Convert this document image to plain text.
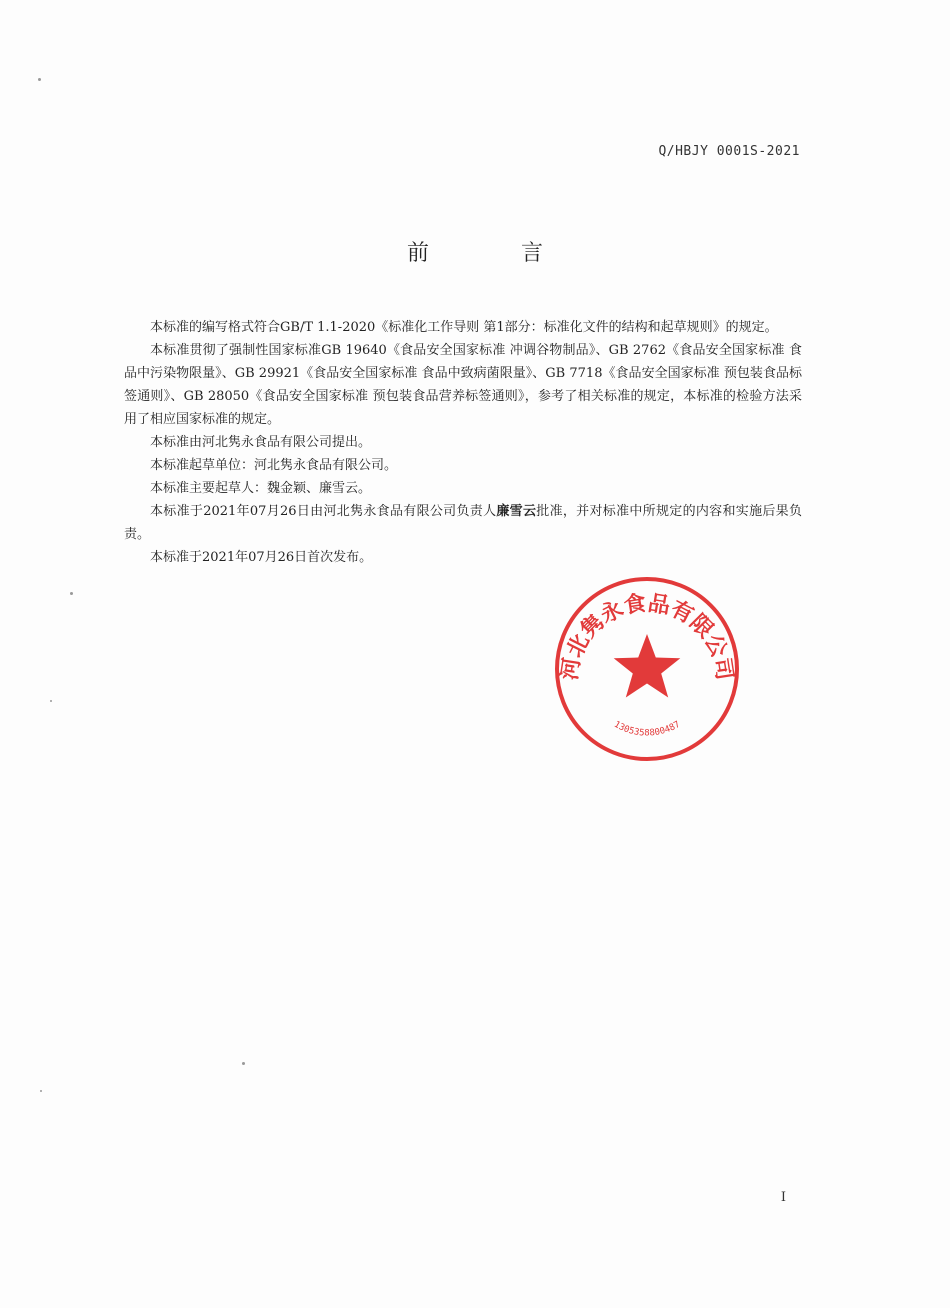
Q/HBJY 0001S-2021
前	言

本标准的编写格式符合GB/T 1.1-2020《标准化工作导则 第1部分：标准化文件的结构和起草规则》的规定。

本标准贯彻了强制性国家标准GB 19640《食品安全国家标准 冲调谷物制品》、GB 2762《食品安全国家标准 食品中污染物限量》、GB 29921《食品安全国家标准 食品中致病菌限量》、GB 7718《食品安全国家标准 预包装食品标签通则》、GB 28050《食品安全国家标准 预包装食品营养标签通则》，参考了相关标准的规定，本标准的检验方法采用了相应国家标准的规定。

本标准由河北隽永食品有限公司提出。

本标准起草单位：河北隽永食品有限公司。

本标准主要起草人：魏金颖、廉雪云。

本标准于2021年07月26日由河北隽永食品有限公司负责人廉雪云批准，并对标准中所规定的内容和实施后果负责。

本标准于2021年07月26日首次发布。

河北隽永食品有限公司
1305358800487
I
